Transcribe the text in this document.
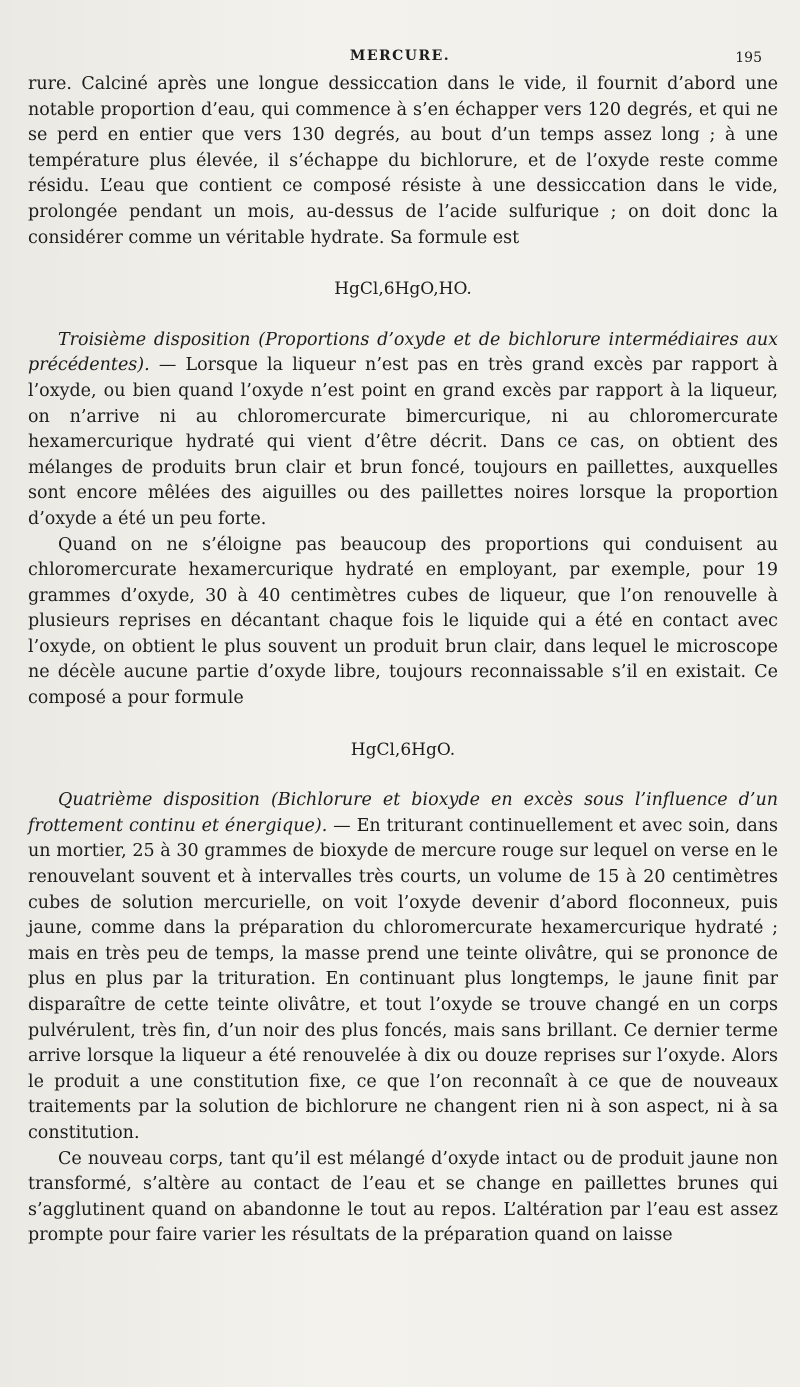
MERCURE.	195

rure. Calciné après une longue dessiccation dans le vide, il fournit d’abord une notable proportion d’eau, qui commence à s’en échapper vers 120 degrés, et qui ne se perd en entier que vers 130 degrés, au bout d’un temps assez long ; à une température plus élevée, il s’échappe du bichlorure, et de l’oxyde reste comme résidu. L’eau que contient ce composé résiste à une dessiccation dans le vide, prolongée pendant un mois, au-dessus de l’acide sulfurique ; on doit donc la considérer comme un véritable hydrate. Sa formule est

HgCl,6HgO,HO.

Troisième disposition (Proportions d’oxyde et de bichlorure intermédiaires aux précédentes). — Lorsque la liqueur n’est pas en très grand excès par rapport à l’oxyde, ou bien quand l’oxyde n’est point en grand excès par rapport à la liqueur, on n’arrive ni au chloromercurate bimercurique, ni au chloromercurate hexamercurique hydraté qui vient d’être décrit. Dans ce cas, on obtient des mélanges de produits brun clair et brun foncé, toujours en paillettes, auxquelles sont encore mêlées des aiguilles ou des paillettes noires lorsque la proportion d’oxyde a été un peu forte.

Quand on ne s’éloigne pas beaucoup des proportions qui conduisent au chloromercurate hexamercurique hydraté en employant, par exemple, pour 19 grammes d’oxyde, 30 à 40 centimètres cubes de liqueur, que l’on renouvelle à plusieurs reprises en décantant chaque fois le liquide qui a été en contact avec l’oxyde, on obtient le plus souvent un produit brun clair, dans lequel le microscope ne décèle aucune partie d’oxyde libre, toujours reconnaissable s’il en existait. Ce composé a pour formule

HgCl,6HgO.

Quatrième disposition (Bichlorure et bioxyde en excès sous l’influence d’un frottement continu et énergique). — En triturant continuellement et avec soin, dans un mortier, 25 à 30 grammes de bioxyde de mercure rouge sur lequel on verse en le renouvelant souvent et à intervalles très courts, un volume de 15 à 20 centimètres cubes de solution mercurielle, on voit l’oxyde devenir d’abord floconneux, puis jaune, comme dans la préparation du chloromercurate hexamercurique hydraté ; mais en très peu de temps, la masse prend une teinte olivâtre, qui se prononce de plus en plus par la trituration. En continuant plus longtemps, le jaune finit par disparaître de cette teinte olivâtre, et tout l’oxyde se trouve changé en un corps pulvérulent, très fin, d’un noir des plus foncés, mais sans brillant. Ce dernier terme arrive lorsque la liqueur a été renouvelée à dix ou douze reprises sur l’oxyde. Alors le produit a une constitution fixe, ce que l’on reconnaît à ce que de nouveaux traitements par la solution de bichlorure ne changent rien ni à son aspect, ni à sa constitution.

Ce nouveau corps, tant qu’il est mélangé d’oxyde intact ou de produit jaune non transformé, s’altère au contact de l’eau et se change en paillettes brunes qui s’agglutinent quand on abandonne le tout au repos. L’altération par l’eau est assez prompte pour faire varier les résultats de la préparation quand on laisse
